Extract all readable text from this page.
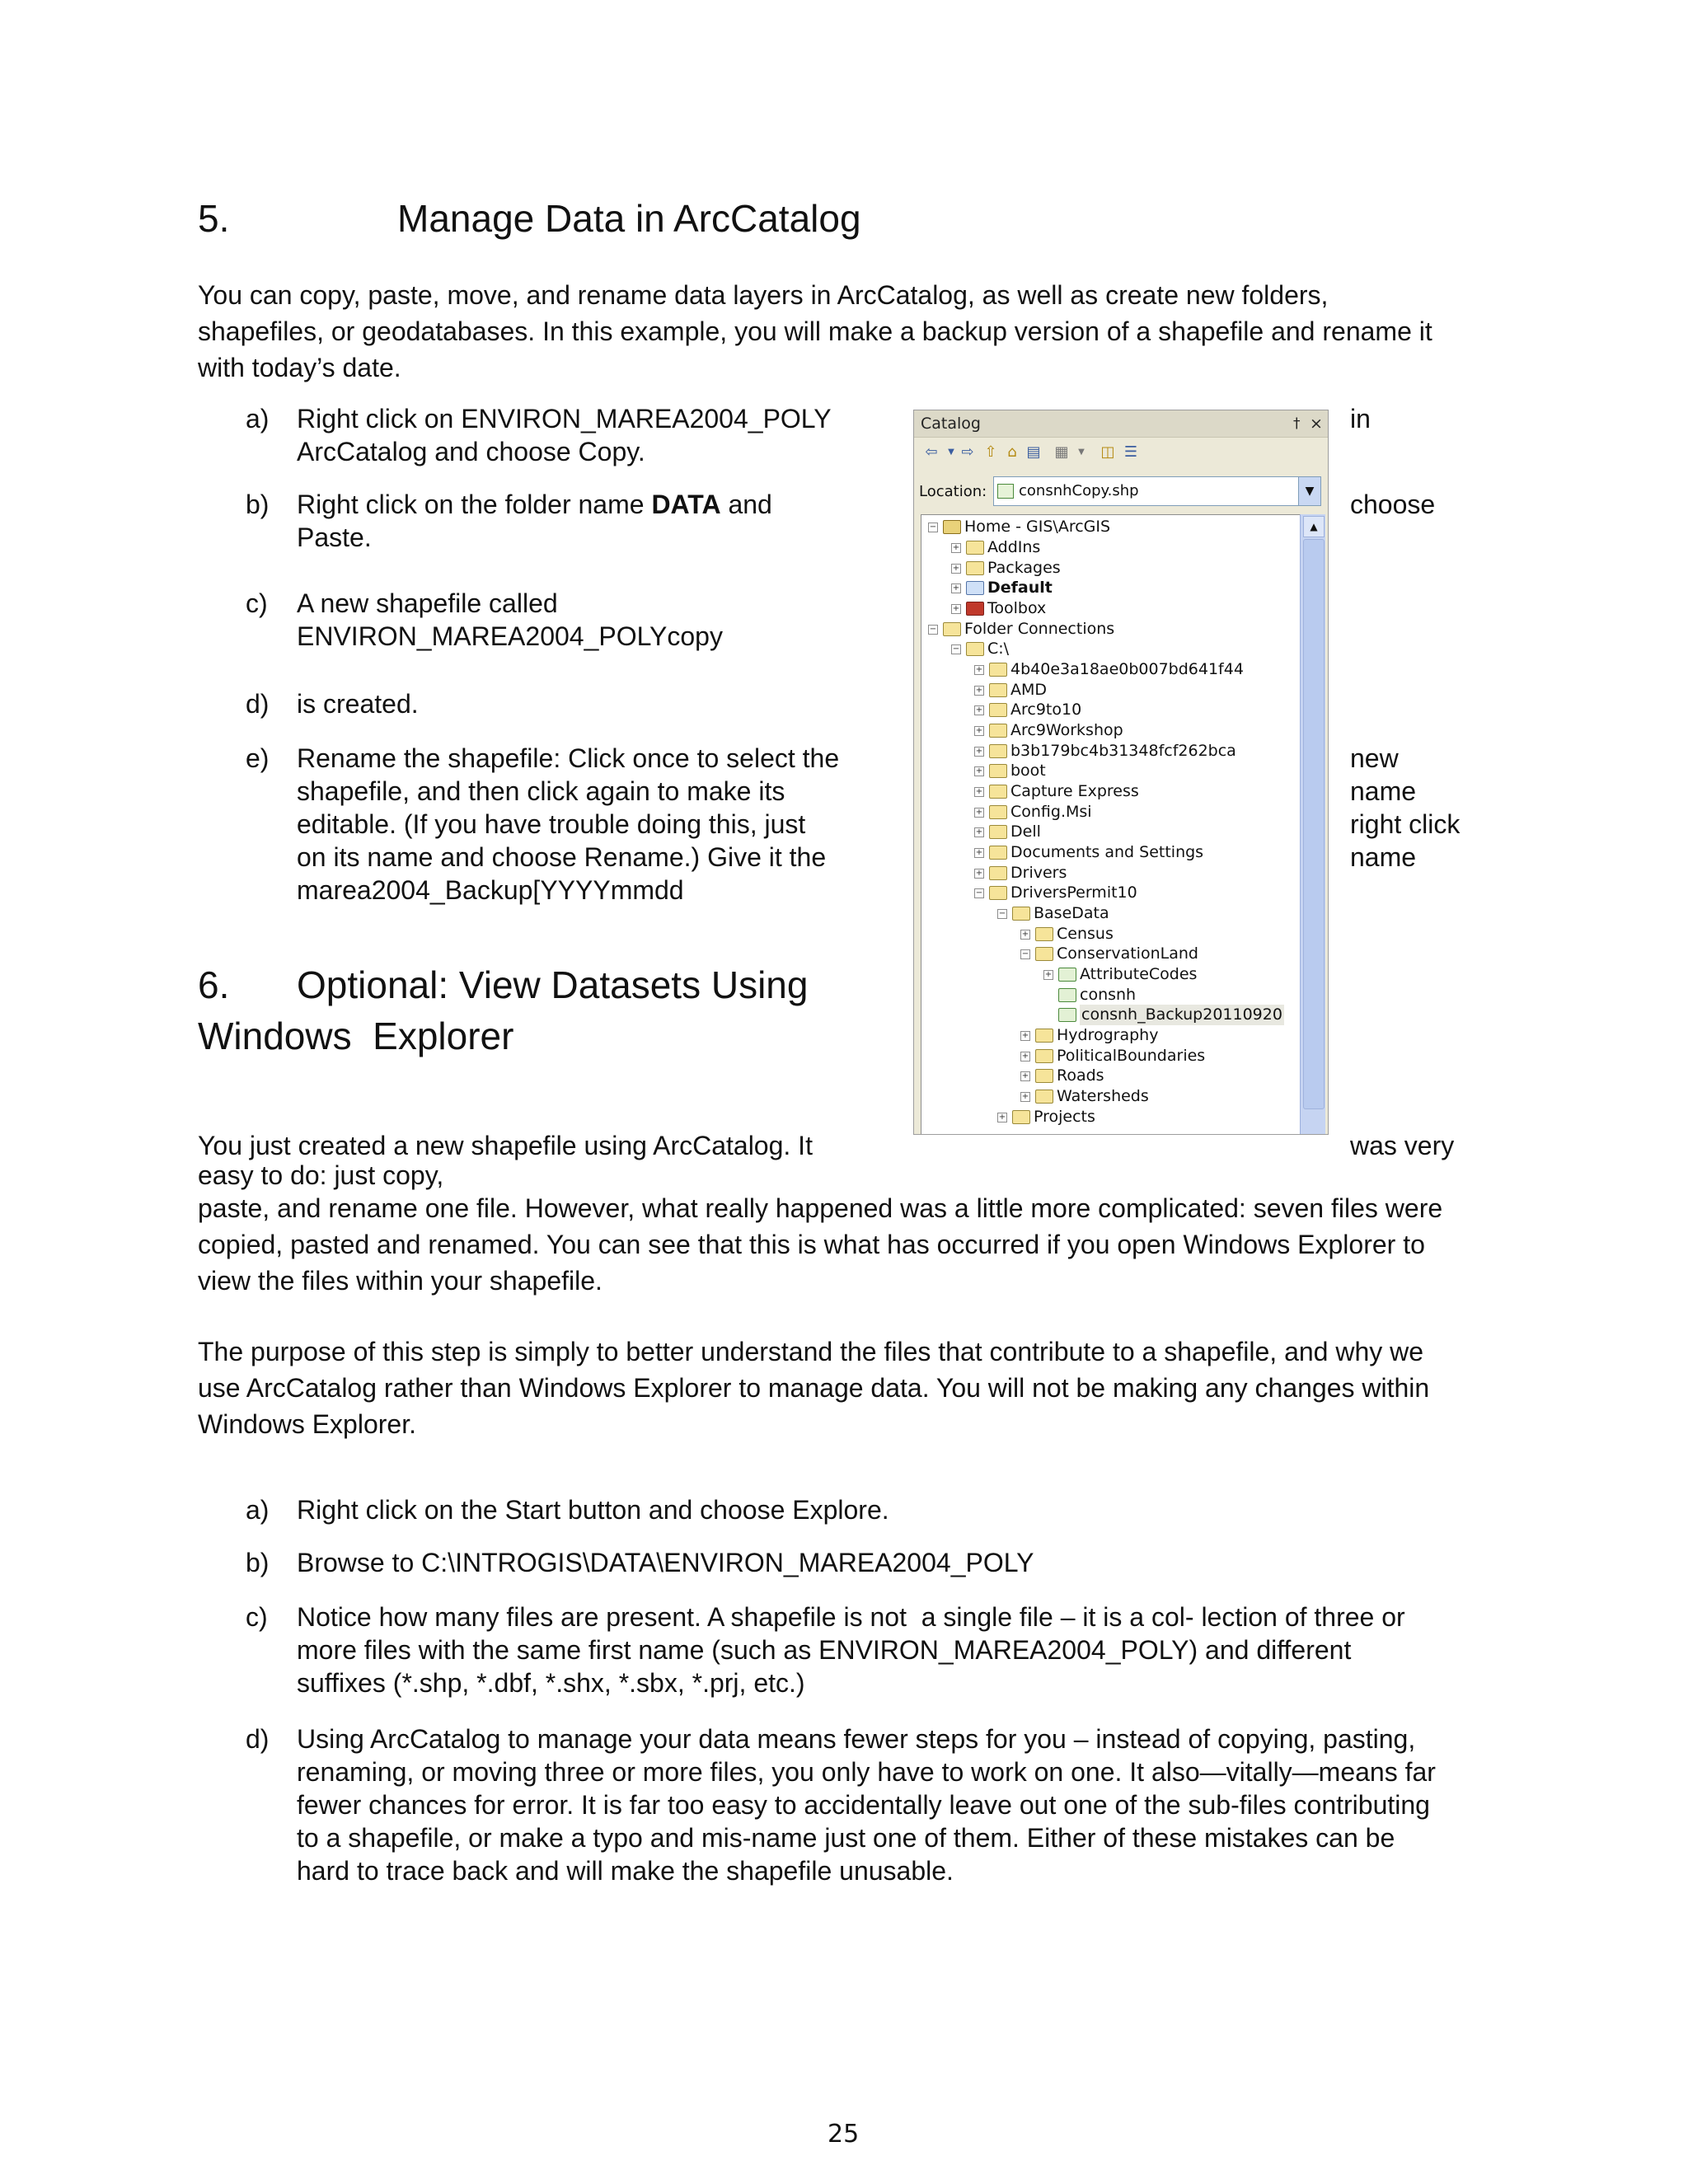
5.	Manage Data in ArcCatalog
You can copy, paste, move, and rename data layers in ArcCatalog, as well as create new folders,
shapefiles, or geodatabases. In this example, you will make a backup version of a shapefile and rename it
with today’s date.
a) Right click on ENVIRON_MAREA2004_POLY
ArcCatalog and choose Copy.
in
b) Right click on the folder name DATA and
Paste.
choose
c) A new shapefile called
ENVIRON_MAREA2004_POLYcopy
d) is created.
e) Rename the shapefile: Click once to select the
shapefile, and then click again to make its
editable. (If you have trouble doing this, just
on its name and choose Rename.) Give it the
marea2004_Backup[YYYYmmdd
new
name
right click
name
6. Optional: View Datasets Using
Windows  Explorer
You just created a new shapefile using ArcCatalog. It	was very
easy to do: just copy,
paste, and rename one file. However, what really happened was a little more complicated: seven files were
copied, pasted and renamed. You can see that this is what has occurred if you open Windows Explorer to
view the files within your shapefile.
The purpose of this step is simply to better understand the files that contribute to a shapefile, and why we
use ArcCatalog rather than Windows Explorer to manage data. You will not be making any changes within
Windows Explorer.
a) Right click on the Start button and choose Explore.
b) Browse to C:\INTROGIS\DATA\ENVIRON_MAREA2004_POLY
c) Notice how many files are present. A shapefile is not  a single file – it is a col- lection of three or
more files with the same first name (such as ENVIRON_MAREA2004_POLY) and different
suffixes (*.shp, *.dbf, *.shx, *.sbx, *.prj, etc.)
d) Using ArcCatalog to manage your data means fewer steps for you – instead of copying, pasting,
renaming, or moving three or more files, you only have to work on one. It also—vitally—means far
fewer chances for error. It is far too easy to accidentally leave out one of the sub-files contributing
to a shapefile, or make a typo and mis-name just one of them. Either of these mistakes can be
hard to trace back and will make the shapefile unusable.
25
Catalog	† ×
⇦	▼ ⇨ ⇧ ⌂ ▤ ▦	▼	◫ ☰
Location: consnhCopy.shp	▼
− Home - GIS\ArcGIS
+ AddIns
+ Packages
+ Default
+ Toolbox
− Folder Connections
− C:\
+ 4b40e3a18ae0b007bd641f44
+ AMD
+ Arc9to10
+ Arc9Workshop
+ b3b179bc4b31348fcf262bca
+ boot
+ Capture Express
+ Config.Msi
+ Dell
+ Documents and Settings
+ Drivers
− DriversPermit10
− BaseData
+ Census
− ConservationLand
+ AttributeCodes
consnh
consnh_Backup20110920
+ Hydrography
+ PoliticalBoundaries
+ Roads
+ Watersheds
+ Projects
▲
